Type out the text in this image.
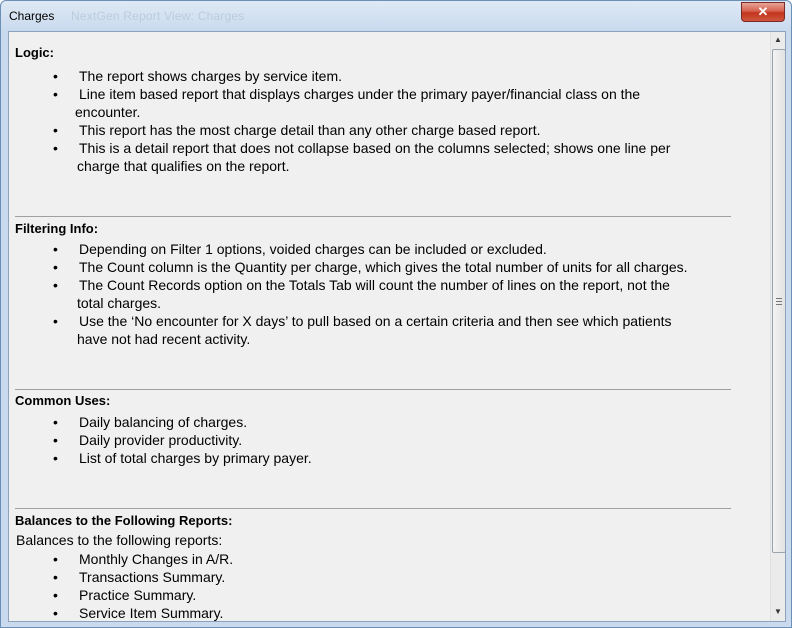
Charges NextGen Report View: Charges	✕
Logic:
• The report shows charges by service item.
• Line item based report that displays charges under the primary payer/financial class on the
encounter.
• This report has the most charge detail than any other charge based report.
• This is a detail report that does not collapse based on the columns selected; shows one line per
charge that qualifies on the report.
Filtering Info:
• Depending on Filter 1 options, voided charges can be included or excluded.
• The Count column is the Quantity per charge, which gives the total number of units for all charges.
• The Count Records option on the Totals Tab will count the number of lines on the report, not the
total charges.
• Use the ‘No encounter for X days’ to pull based on a certain criteria and then see which patients
have not had recent activity.
Common Uses:
• Daily balancing of charges.
• Daily provider productivity.
• List of total charges by primary payer.
Balances to the Following Reports:
Balances to the following reports:
• Monthly Changes in A/R.
• Transactions Summary.
• Practice Summary.
• Service Item Summary.
▲
▼
